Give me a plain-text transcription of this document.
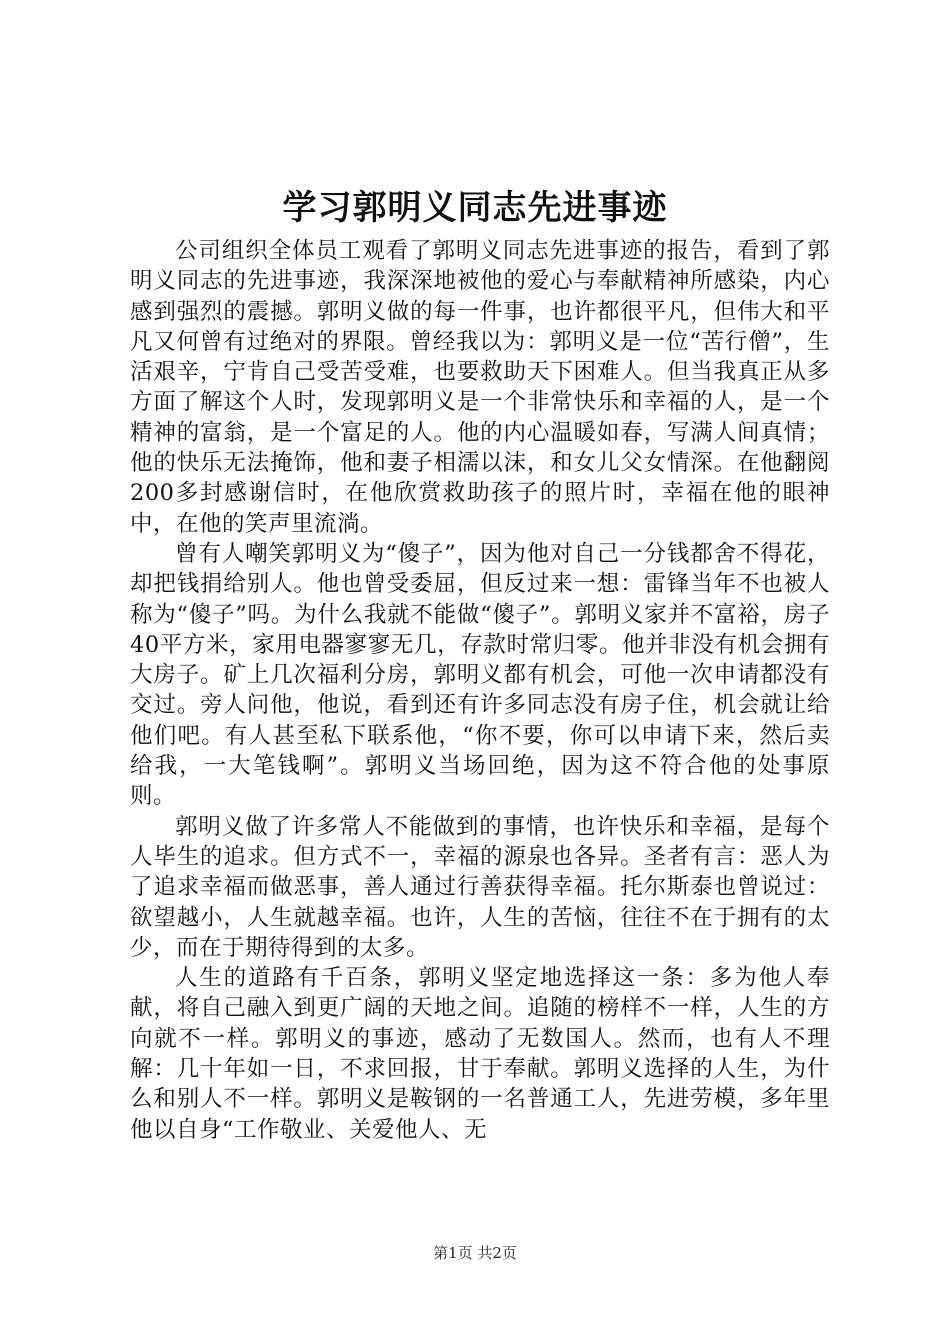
学习郭明义同志先进事迹

公司组织全体员工观看了郭明义同志先进事迹的报告，看到了郭明义同志的先进事迹，我深深地被他的爱心与奉献精神所感染，内心感到强烈的震撼。郭明义做的每一件事，也许都很平凡，但伟大和平凡又何曾有过绝对的界限。曾经我以为：郭明义是一位“苦行僧”，生活艰辛，宁肯自己受苦受难，也要救助天下困难人。但当我真正从多方面了解这个人时，发现郭明义是一个非常快乐和幸福的人，是一个精神的富翁，是一个富足的人。他的内心温暖如春，写满人间真情；他的快乐无法掩饰，他和妻子相濡以沫，和女儿父女情深。在他翻阅200多封感谢信时，在他欣赏救助孩子的照片时，幸福在他的眼神中，在他的笑声里流淌。

曾有人嘲笑郭明义为“傻子”，因为他对自己一分钱都舍不得花，却把钱捐给别人。他也曾受委屈，但反过来一想：雷锋当年不也被人称为“傻子”吗。为什么我就不能做“傻子”。郭明义家并不富裕，房子40平方米，家用电器寥寥无几，存款时常归零。他并非没有机会拥有大房子。矿上几次福利分房，郭明义都有机会，可他一次申请都没有交过。旁人问他，他说，看到还有许多同志没有房子住，机会就让给他们吧。有人甚至私下联系他，“你不要，你可以申请下来，然后卖给我，一大笔钱啊”。郭明义当场回绝，因为这不符合他的处事原则。

郭明义做了许多常人不能做到的事情，也许快乐和幸福，是每个人毕生的追求。但方式不一，幸福的源泉也各异。圣者有言：恶人为了追求幸福而做恶事，善人通过行善获得幸福。托尔斯泰也曾说过：欲望越小，人生就越幸福。也许，人生的苦恼，往往不在于拥有的太少，而在于期待得到的太多。

人生的道路有千百条，郭明义坚定地选择这一条：多为他人奉献，将自己融入到更广阔的天地之间。追随的榜样不一样，人生的方向就不一样。郭明义的事迹，感动了无数国人。然而，也有人不理解：几十年如一日，不求回报，甘于奉献。郭明义选择的人生，为什么和别人不一样。郭明义是鞍钢的一名普通工人，先进劳模，多年里他以自身“工作敬业、关爱他人、无

第1页 共2页
